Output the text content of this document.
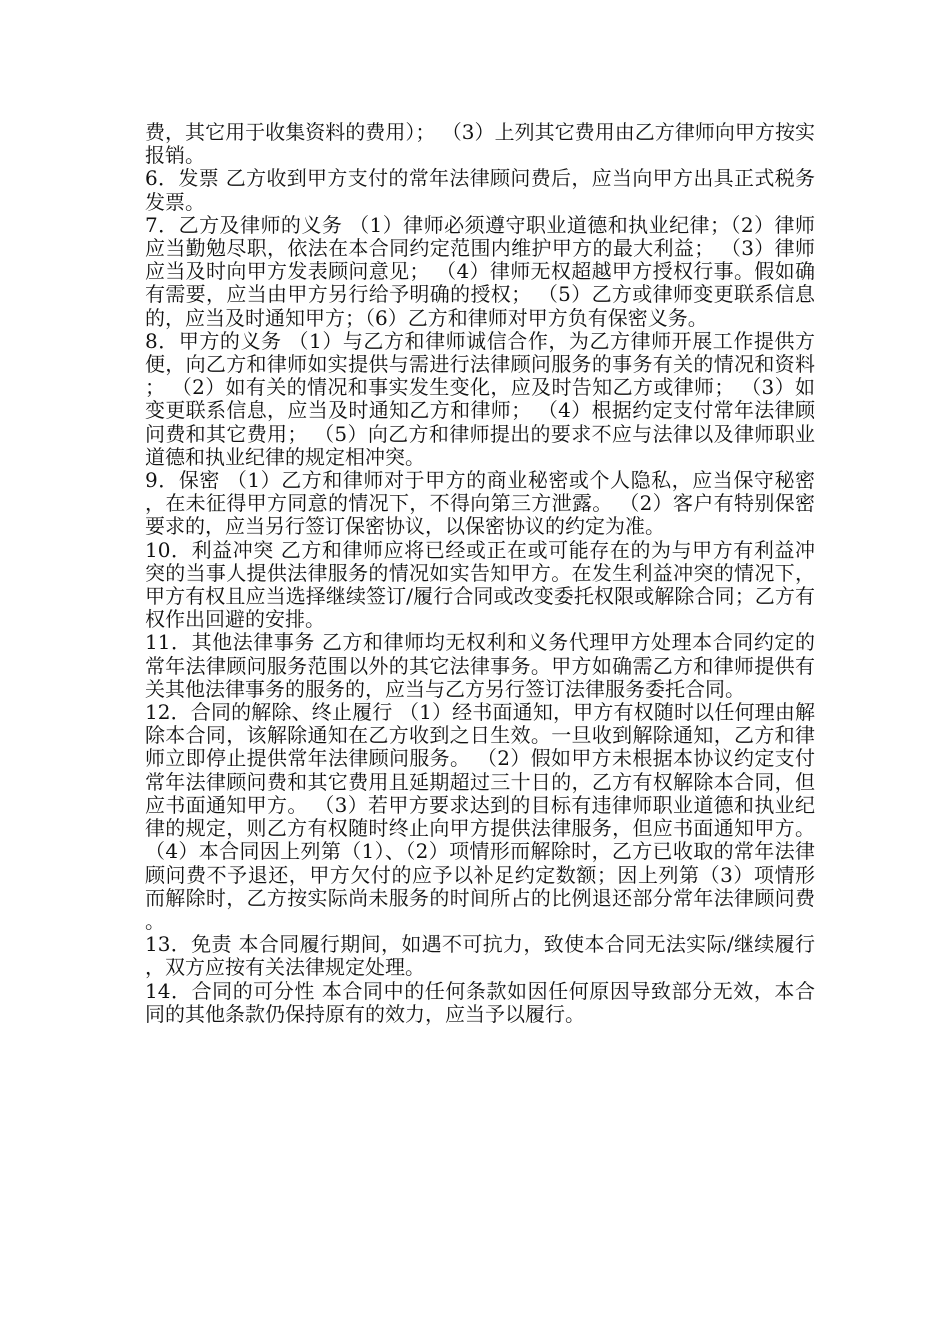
费，其它用于收集资料的费用）； （3）上列其它费用由乙方律师向甲方按实报销。

6．发票 乙方收到甲方支付的常年法律顾问费后，应当向甲方出具正式税务发票。

7．乙方及律师的义务 （1）律师必须遵守职业道德和执业纪律；（2）律师应当勤勉尽职，依法在本合同约定范围内维护甲方的最大利益； （3）律师应当及时向甲方发表顾问意见； （4）律师无权超越甲方授权行事。假如确有需要，应当由甲方另行给予明确的授权； （5）乙方或律师变更联系信息的，应当及时通知甲方；（6）乙方和律师对甲方负有保密义务。

8．甲方的义务 （1）与乙方和律师诚信合作，为乙方律师开展工作提供方便，向乙方和律师如实提供与需进行法律顾问服务的事务有关的情况和资料； （2）如有关的情况和事实发生变化，应及时告知乙方或律师； （3）如变更联系信息，应当及时通知乙方和律师； （4）根据约定支付常年法律顾问费和其它费用； （5）向乙方和律师提出的要求不应与法律以及律师职业道德和执业纪律的规定相冲突。

9．保密 （1）乙方和律师对于甲方的商业秘密或个人隐私，应当保守秘密，在未征得甲方同意的情况下，不得向第三方泄露。 （2）客户有特别保密要求的，应当另行签订保密协议，以保密协议的约定为准。

10．利益冲突 乙方和律师应将已经或正在或可能存在的为与甲方有利益冲突的当事人提供法律服务的情况如实告知甲方。在发生利益冲突的情况下，甲方有权且应当选择继续签订/履行合同或改变委托权限或解除合同；乙方有权作出回避的安排。

11．其他法律事务 乙方和律师均无权利和义务代理甲方处理本合同约定的常年法律顾问服务范围以外的其它法律事务。甲方如确需乙方和律师提供有关其他法律事务的服务的，应当与乙方另行签订法律服务委托合同。

12．合同的解除、终止履行 （1）经书面通知，甲方有权随时以任何理由解除本合同，该解除通知在乙方收到之日生效。一旦收到解除通知，乙方和律师立即停止提供常年法律顾问服务。 （2）假如甲方未根据本协议约定支付常年法律顾问费和其它费用且延期超过三十日的，乙方有权解除本合同，但应书面通知甲方。 （3）若甲方要求达到的目标有违律师职业道德和执业纪律的规定，则乙方有权随时终止向甲方提供法律服务，但应书面通知甲方。 （4）本合同因上列第（1）、（2）项情形而解除时，乙方已收取的常年法律顾问费不予退还，甲方欠付的应予以补足约定数额；因上列第（3）项情形而解除时，乙方按实际尚未服务的时间所占的比例退还部分常年法律顾问费。

13．免责 本合同履行期间，如遇不可抗力，致使本合同无法实际/继续履行，双方应按有关法律规定处理。

14．合同的可分性 本合同中的任何条款如因任何原因导致部分无效，本合同的其他条款仍保持原有的效力，应当予以履行。
